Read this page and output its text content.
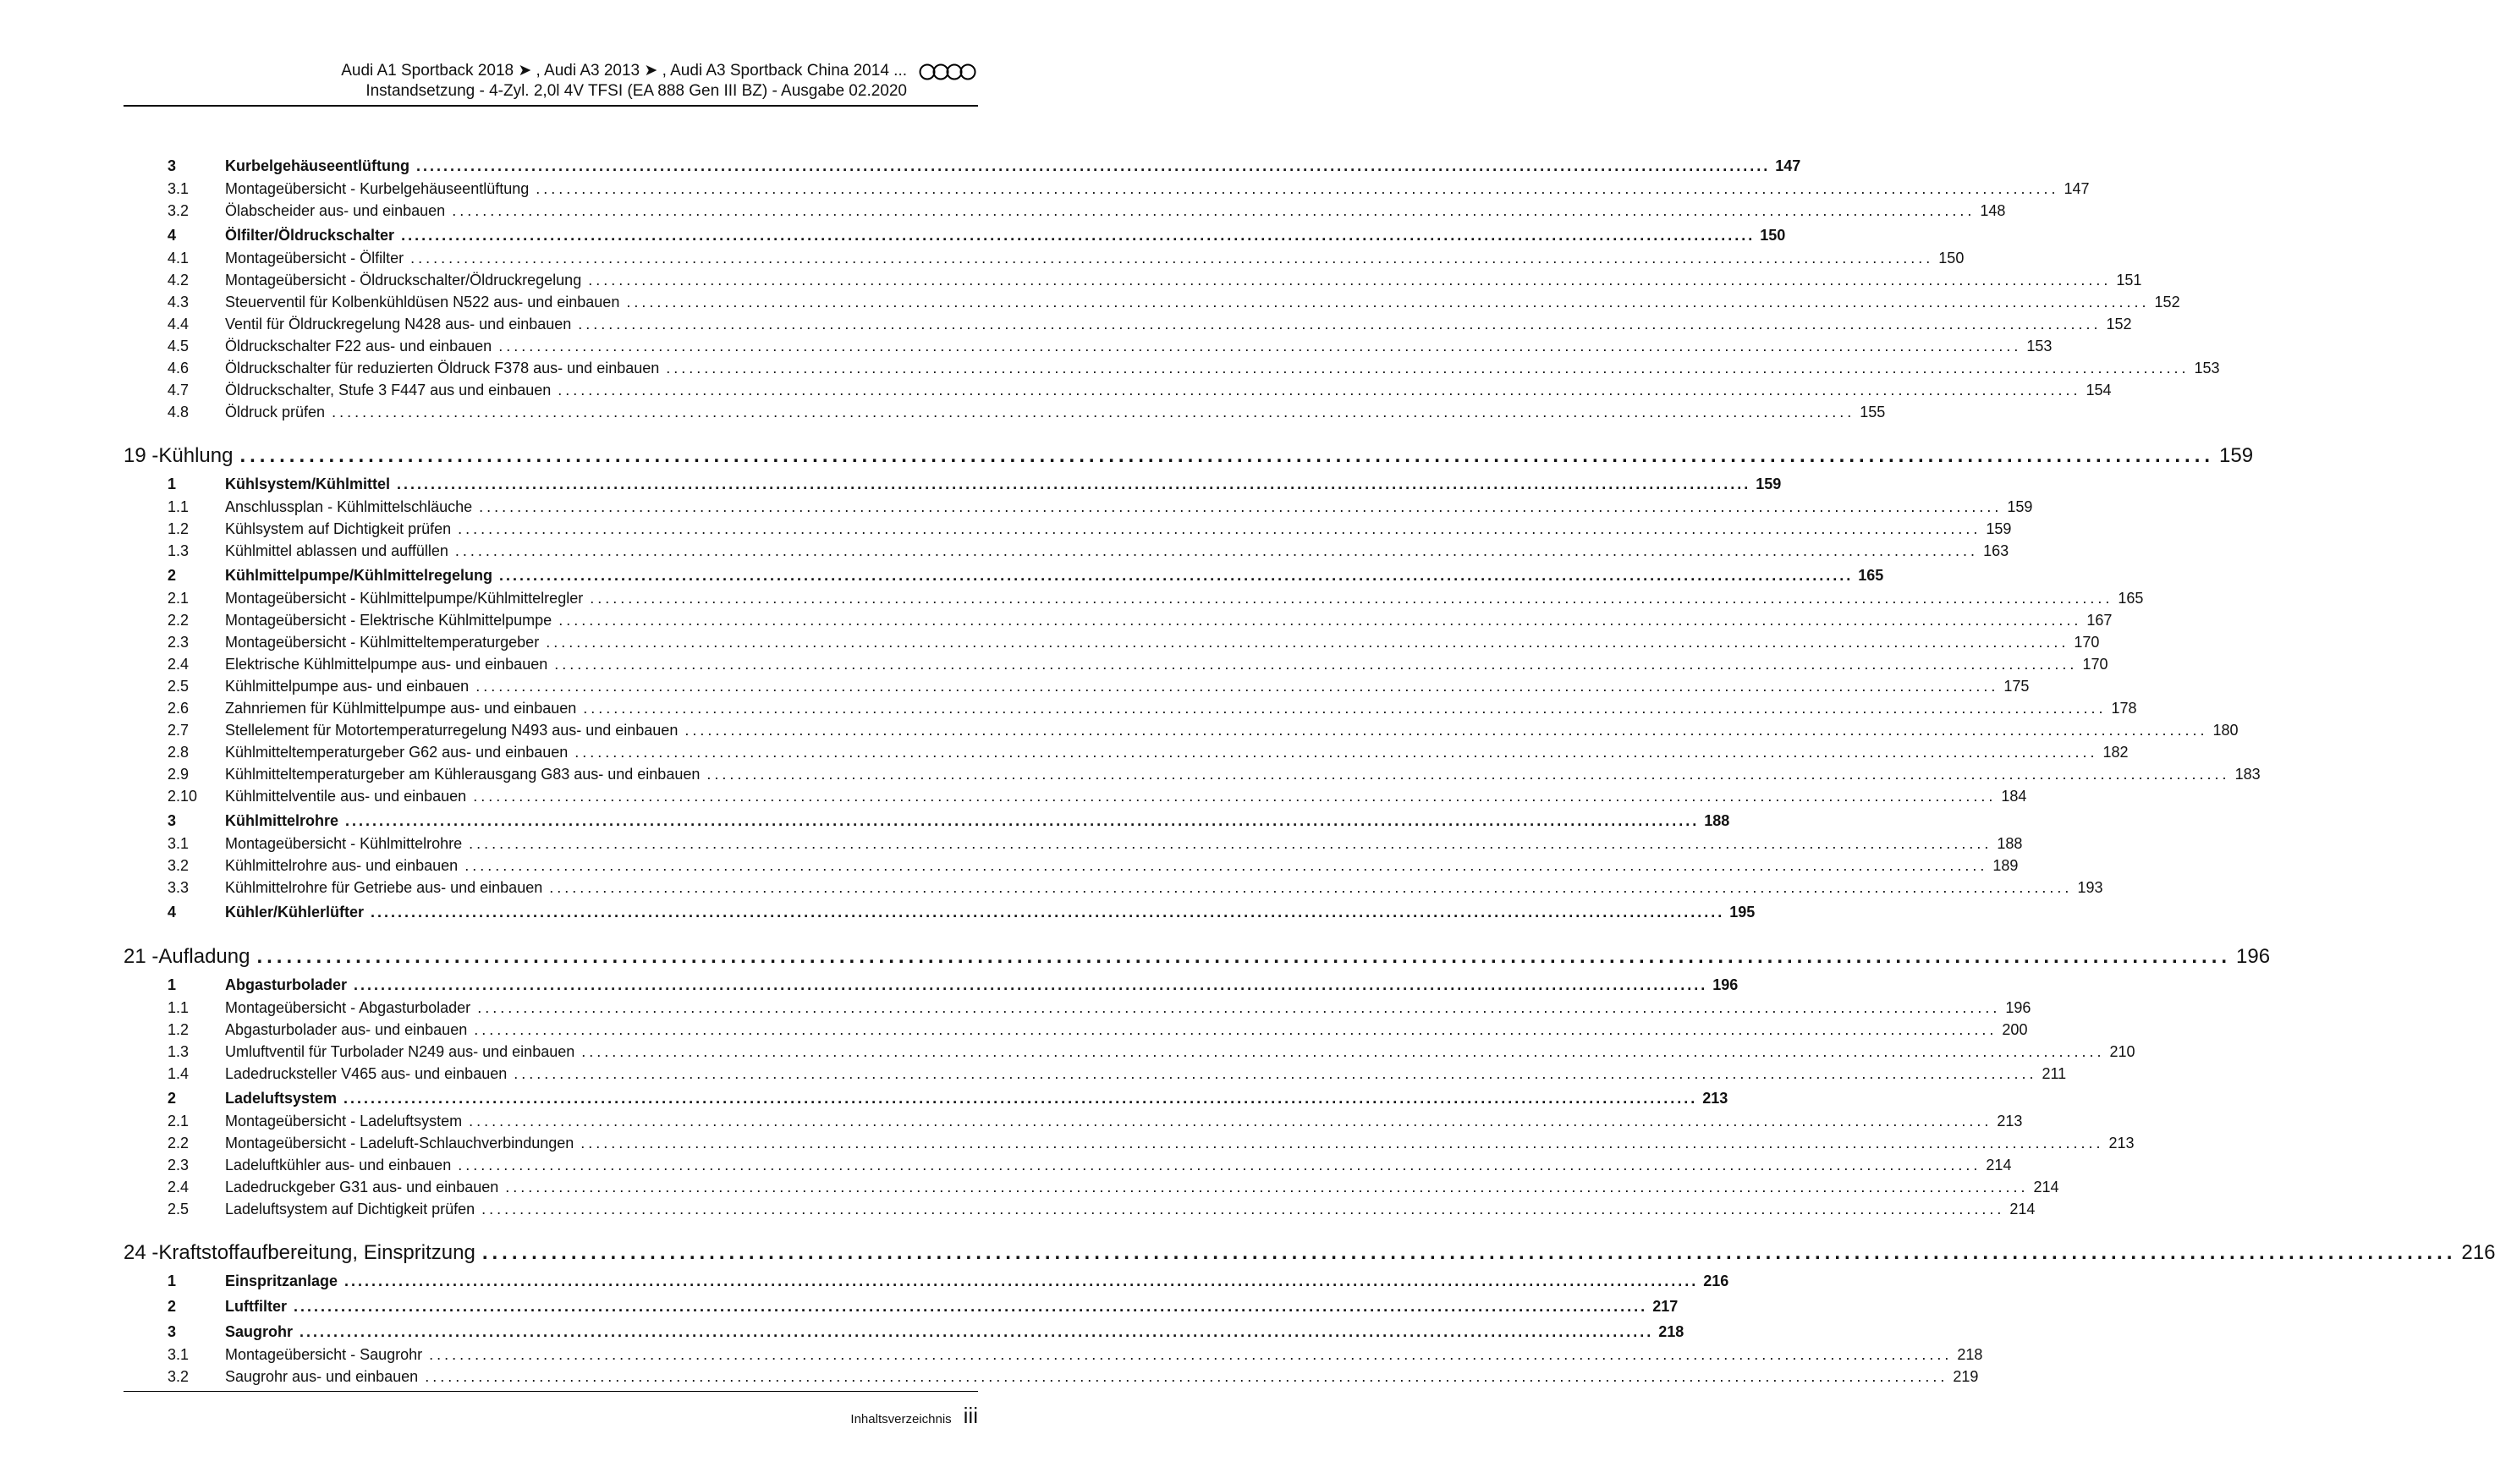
Audi A1 Sportback 2018 ➤ , Audi A3 2013 ➤ , Audi A3 Sportback China 2014 ...
Instandsetzung - 4-Zyl. 2,0l 4V TFSI (EA 888 Gen III BZ) - Ausgabe 02.2020
3	Kurbelgehäuseentlüftung ........................................................................................................................................................................................................ 147
3.1	Montageübersicht - Kurbelgehäuseentlüftung ........................................................................................................................................................................................................ 147
3.2	Ölabscheider aus- und einbauen ........................................................................................................................................................................................................ 148
4	Ölfilter/Öldruckschalter ........................................................................................................................................................................................................ 150
4.1	Montageübersicht - Ölfilter ........................................................................................................................................................................................................ 150
4.2	Montageübersicht - Öldruckschalter/Öldruckregelung ........................................................................................................................................................................................................ 151
4.3	Steuerventil für Kolbenkühldüsen N522 aus- und einbauen ........................................................................................................................................................................................................ 152
4.4	Ventil für Öldruckregelung N428 aus- und einbauen ........................................................................................................................................................................................................ 152
4.5	Öldruckschalter F22 aus- und einbauen ........................................................................................................................................................................................................ 153
4.6	Öldruckschalter für reduzierten Öldruck F378 aus- und einbauen ........................................................................................................................................................................................................ 153
4.7	Öldruckschalter, Stufe 3 F447 aus und einbauen ........................................................................................................................................................................................................ 154
4.8	Öldruck prüfen ........................................................................................................................................................................................................ 155
19 - Kühlung ........................................................................................................................................................................................................ 159
1	Kühlsystem/Kühlmittel ........................................................................................................................................................................................................ 159
1.1	Anschlussplan - Kühlmittelschläuche ........................................................................................................................................................................................................ 159
1.2	Kühlsystem auf Dichtigkeit prüfen ........................................................................................................................................................................................................ 159
1.3	Kühlmittel ablassen und auffüllen ........................................................................................................................................................................................................ 163
2	Kühlmittelpumpe/Kühlmittelregelung ........................................................................................................................................................................................................ 165
2.1	Montageübersicht - Kühlmittelpumpe/Kühlmittelregler ........................................................................................................................................................................................................ 165
2.2	Montageübersicht - Elektrische Kühlmittelpumpe ........................................................................................................................................................................................................ 167
2.3	Montageübersicht - Kühlmitteltemperaturgeber ........................................................................................................................................................................................................ 170
2.4	Elektrische Kühlmittelpumpe aus- und einbauen ........................................................................................................................................................................................................ 170
2.5	Kühlmittelpumpe aus- und einbauen ........................................................................................................................................................................................................ 175
2.6	Zahnriemen für Kühlmittelpumpe aus- und einbauen ........................................................................................................................................................................................................ 178
2.7	Stellelement für Motortemperaturregelung N493 aus- und einbauen ........................................................................................................................................................................................................ 180
2.8	Kühlmitteltemperaturgeber G62 aus- und einbauen ........................................................................................................................................................................................................ 182
2.9	Kühlmitteltemperaturgeber am Kühlerausgang G83 aus- und einbauen ........................................................................................................................................................................................................ 183
2.10	Kühlmittelventile aus- und einbauen ........................................................................................................................................................................................................ 184
3	Kühlmittelrohre ........................................................................................................................................................................................................ 188
3.1	Montageübersicht - Kühlmittelrohre ........................................................................................................................................................................................................ 188
3.2	Kühlmittelrohre aus- und einbauen ........................................................................................................................................................................................................ 189
3.3	Kühlmittelrohre für Getriebe aus- und einbauen ........................................................................................................................................................................................................ 193
4	Kühler/Kühlerlüfter ........................................................................................................................................................................................................ 195
21 - Aufladung ........................................................................................................................................................................................................ 196
1	Abgasturbolader ........................................................................................................................................................................................................ 196
1.1	Montageübersicht - Abgasturbolader ........................................................................................................................................................................................................ 196
1.2	Abgasturbolader aus- und einbauen ........................................................................................................................................................................................................ 200
1.3	Umluftventil für Turbolader N249 aus- und einbauen ........................................................................................................................................................................................................ 210
1.4	Ladedrucksteller V465 aus- und einbauen ........................................................................................................................................................................................................ 211
2	Ladeluftsystem ........................................................................................................................................................................................................ 213
2.1	Montageübersicht - Ladeluftsystem ........................................................................................................................................................................................................ 213
2.2	Montageübersicht - Ladeluft-Schlauchverbindungen ........................................................................................................................................................................................................ 213
2.3	Ladeluftkühler aus- und einbauen ........................................................................................................................................................................................................ 214
2.4	Ladedruckgeber G31 aus- und einbauen ........................................................................................................................................................................................................ 214
2.5	Ladeluftsystem auf Dichtigkeit prüfen ........................................................................................................................................................................................................ 214
24 - Kraftstoffaufbereitung, Einspritzung ........................................................................................................................................................................................................ 216
1	Einspritzanlage ........................................................................................................................................................................................................ 216
2	Luftfilter ........................................................................................................................................................................................................ 217
3	Saugrohr ........................................................................................................................................................................................................ 218
3.1	Montageübersicht - Saugrohr ........................................................................................................................................................................................................ 218
3.2	Saugrohr aus- und einbauen ........................................................................................................................................................................................................ 219
Inhaltsverzeichnis iii
